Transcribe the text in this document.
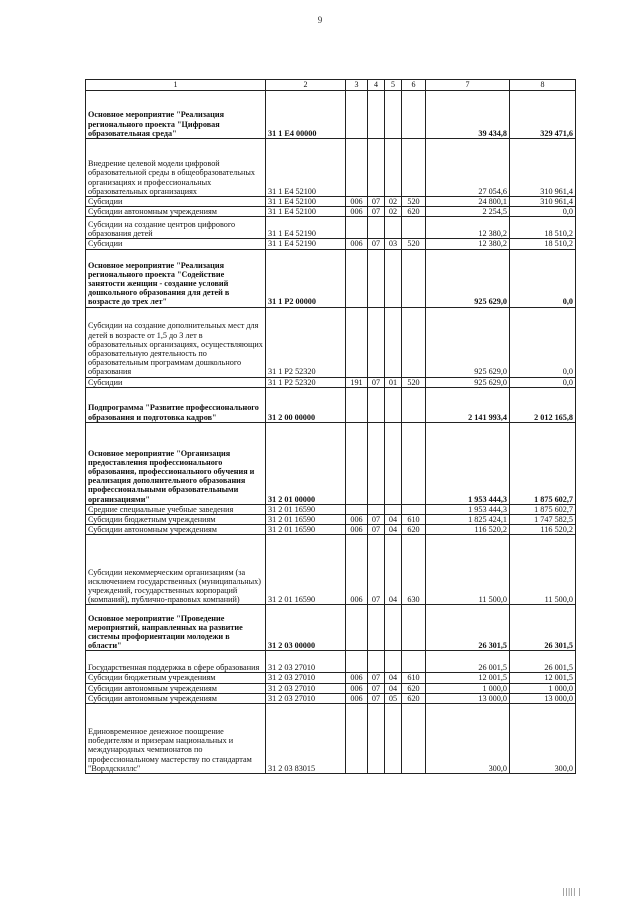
9
1	2	3	4	5	6	7	8
Основное мероприятие "Реализация регионального проекта "Цифровая образовательная среда"	31 1 E4 00000					39 434,8	329 471,6
Внедрение целевой модели цифровой образовательной среды в общеобразовательных организациях и профессиональных образовательных организациях	31 1 E4 52100					27 054,6	310 961,4
Субсидии	31 1 E4 52100	006	07	02	520	24 800,1	310 961,4
Субсидии автономным учреждениям	31 1 E4 52100	006	07	02	620	2 254,5	0,0
Субсидии на создание центров цифрового образования детей	31 1 E4 52190					12 380,2	18 510,2
Субсидии	31 1 E4 52190	006	07	03	520	12 380,2	18 510,2
Основное мероприятие "Реализация регионального проекта "Содействие занятости женщин - создание условий дошкольного образования для детей в возрасте до трех лет"	31 1 P2 00000					925 629,0	0,0
Субсидии на создание дополнительных мест для детей в возрасте от 1,5 до 3 лет в образовательных организациях, осуществляющих образовательную деятельность по образовательным программам дошкольного образования	31 1 P2 52320					925 629,0	0,0
Субсидии	31 1 P2 52320	191	07	01	520	925 629,0	0,0
Подпрограмма "Развитие профессионального образования и подготовка кадров"	31 2 00 00000					2 141 993,4	2 012 165,8
Основное мероприятие "Организация предоставления профессионального образования, профессионального обучения и реализация дополнительного образования профессиональными образовательными организациями"	31 2 01 00000					1 953 444,3	1 875 602,7
Средние специальные учебные заведения	31 2 01 16590					1 953 444,3	1 875 602,7
Субсидии бюджетным учреждениям	31 2 01 16590	006	07	04	610	1 825 424,1	1 747 582,5
Субсидии автономным учреждениям	31 2 01 16590	006	07	04	620	116 520,2	116 520,2
Субсидии некоммерческим организациям (за исключением государственных (муниципальных) учреждений, государственных корпораций (компаний), публично-правовых компаний)	31 2 01 16590	006	07	04	630	11 500,0	11 500,0
Основное мероприятие "Проведение мероприятий, направленных на развитие системы профориентации молодежи в области"	31 2 03 00000					26 301,5	26 301,5
Государственная поддержка в сфере образования	31 2 03 27010					26 001,5	26 001,5
Субсидии бюджетным учреждениям	31 2 03 27010	006	07	04	610	12 001,5	12 001,5
Субсидии автономным учреждениям	31 2 03 27010	006	07	04	620	1 000,0	1 000,0
Субсидии автономным учреждениям	31 2 03 27010	006	07	05	620	13 000,0	13 000,0
Единовременное денежное поощрение победителям и призерам национальных и международных чемпионатов по профессиональному мастерству по стандартам "Ворлдскиллс"	31 2 03 83015					300,0	300,0
||||| |
